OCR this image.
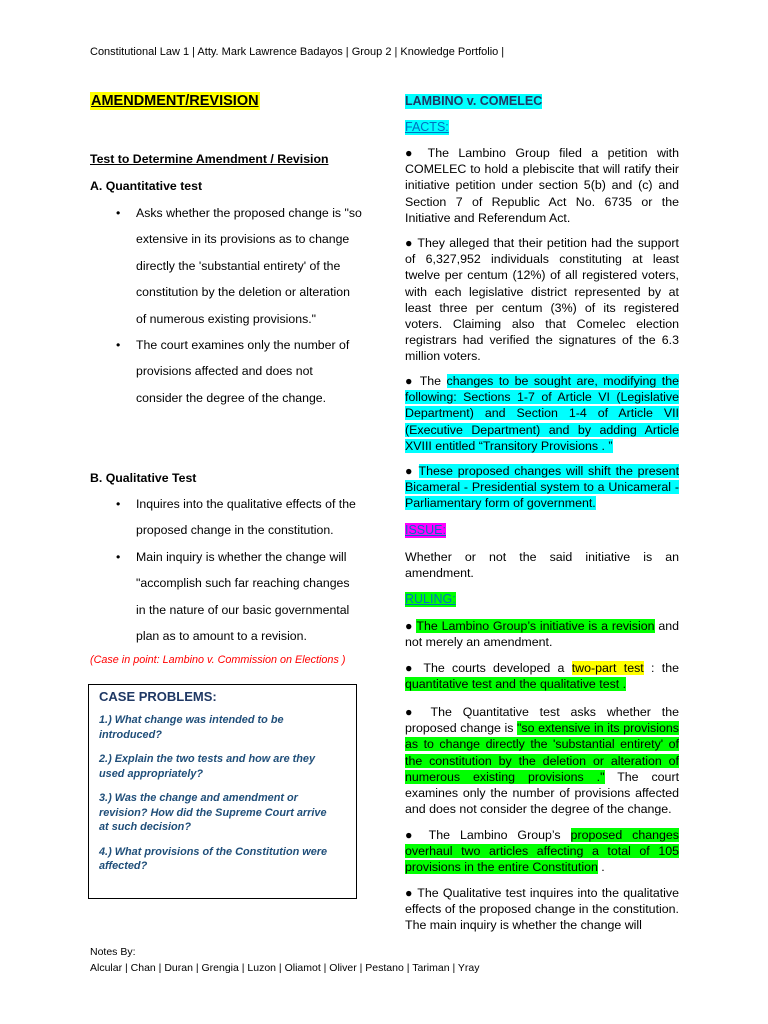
Constitutional Law 1 | Atty. Mark Lawrence Badayos | Group 2 | Knowledge Portfolio |
AMENDMENT/REVISION
Test to Determine Amendment / Revision
A. Quantitative test
• Asks whether the proposed change is "so extensive in its provisions as to change directly the 'substantial entirety' of the constitution by the deletion or alteration of numerous existing provisions."
• The court examines only the number of provisions affected and does not consider the degree of the change.
B. Qualitative Test
• Inquires into the qualitative effects of the proposed change in the constitution.
• Main inquiry is whether the change will "accomplish such far reaching changes in the nature of our basic governmental plan as to amount to a revision.
(Case in point: Lambino v. Commission on Elections )
CASE PROBLEMS:
1.) What change was intended to be introduced?
2.) Explain the two tests and how are they used appropriately?
3.) Was the change and amendment or revision? How did the Supreme Court arrive at such decision?
4.) What provisions of the Constitution were affected?
Notes By:
Alcular | Chan | Duran | Grengia | Luzon | Oliamot | Oliver | Pestano | Tariman | Yray
LAMBINO v. COMELEC
FACTS:
● The Lambino Group filed a petition with COMELEC to hold a plebiscite that will ratify their initiative petition under section 5(b) and (c) and Section 7 of Republic Act No. 6735 or the Initiative and Referendum Act.
● They alleged that their petition had the support of 6,327,952 individuals constituting at least twelve per centum (12%) of all registered voters, with each legislative district represented by at least three per centum (3%) of its registered voters. Claiming also that Comelec election registrars had verified the signatures of the 6.3 million voters.
● The changes to be sought are, modifying the following: Sections 1-7 of Article VI (Legislative Department) and Section 1-4 of Article VII (Executive Department) and by adding Article XVIII entitled “Transitory Provisions . ”
● These proposed changes will shift the present Bicameral - Presidential system to a Unicameral - Parliamentary form of government.
ISSUE:
Whether or not the said initiative is an amendment.
RULING:
● The Lambino Group’s initiative is a revision and not merely an amendment.
● The courts developed a two-part test : the quantitative test and the qualitative test .
● The Quantitative test asks whether the proposed change is "so extensive in its provisions as to change directly the 'substantial entirety' of the constitution by the deletion or alteration of numerous existing provisions ." The court examines only the number of provisions affected and does not consider the degree of the change.
● The Lambino Group’s proposed changes overhaul two articles affecting a total of 105 provisions in the entire Constitution .
● The Qualitative test inquires into the qualitative effects of the proposed change in the constitution. The main inquiry is whether the change will
